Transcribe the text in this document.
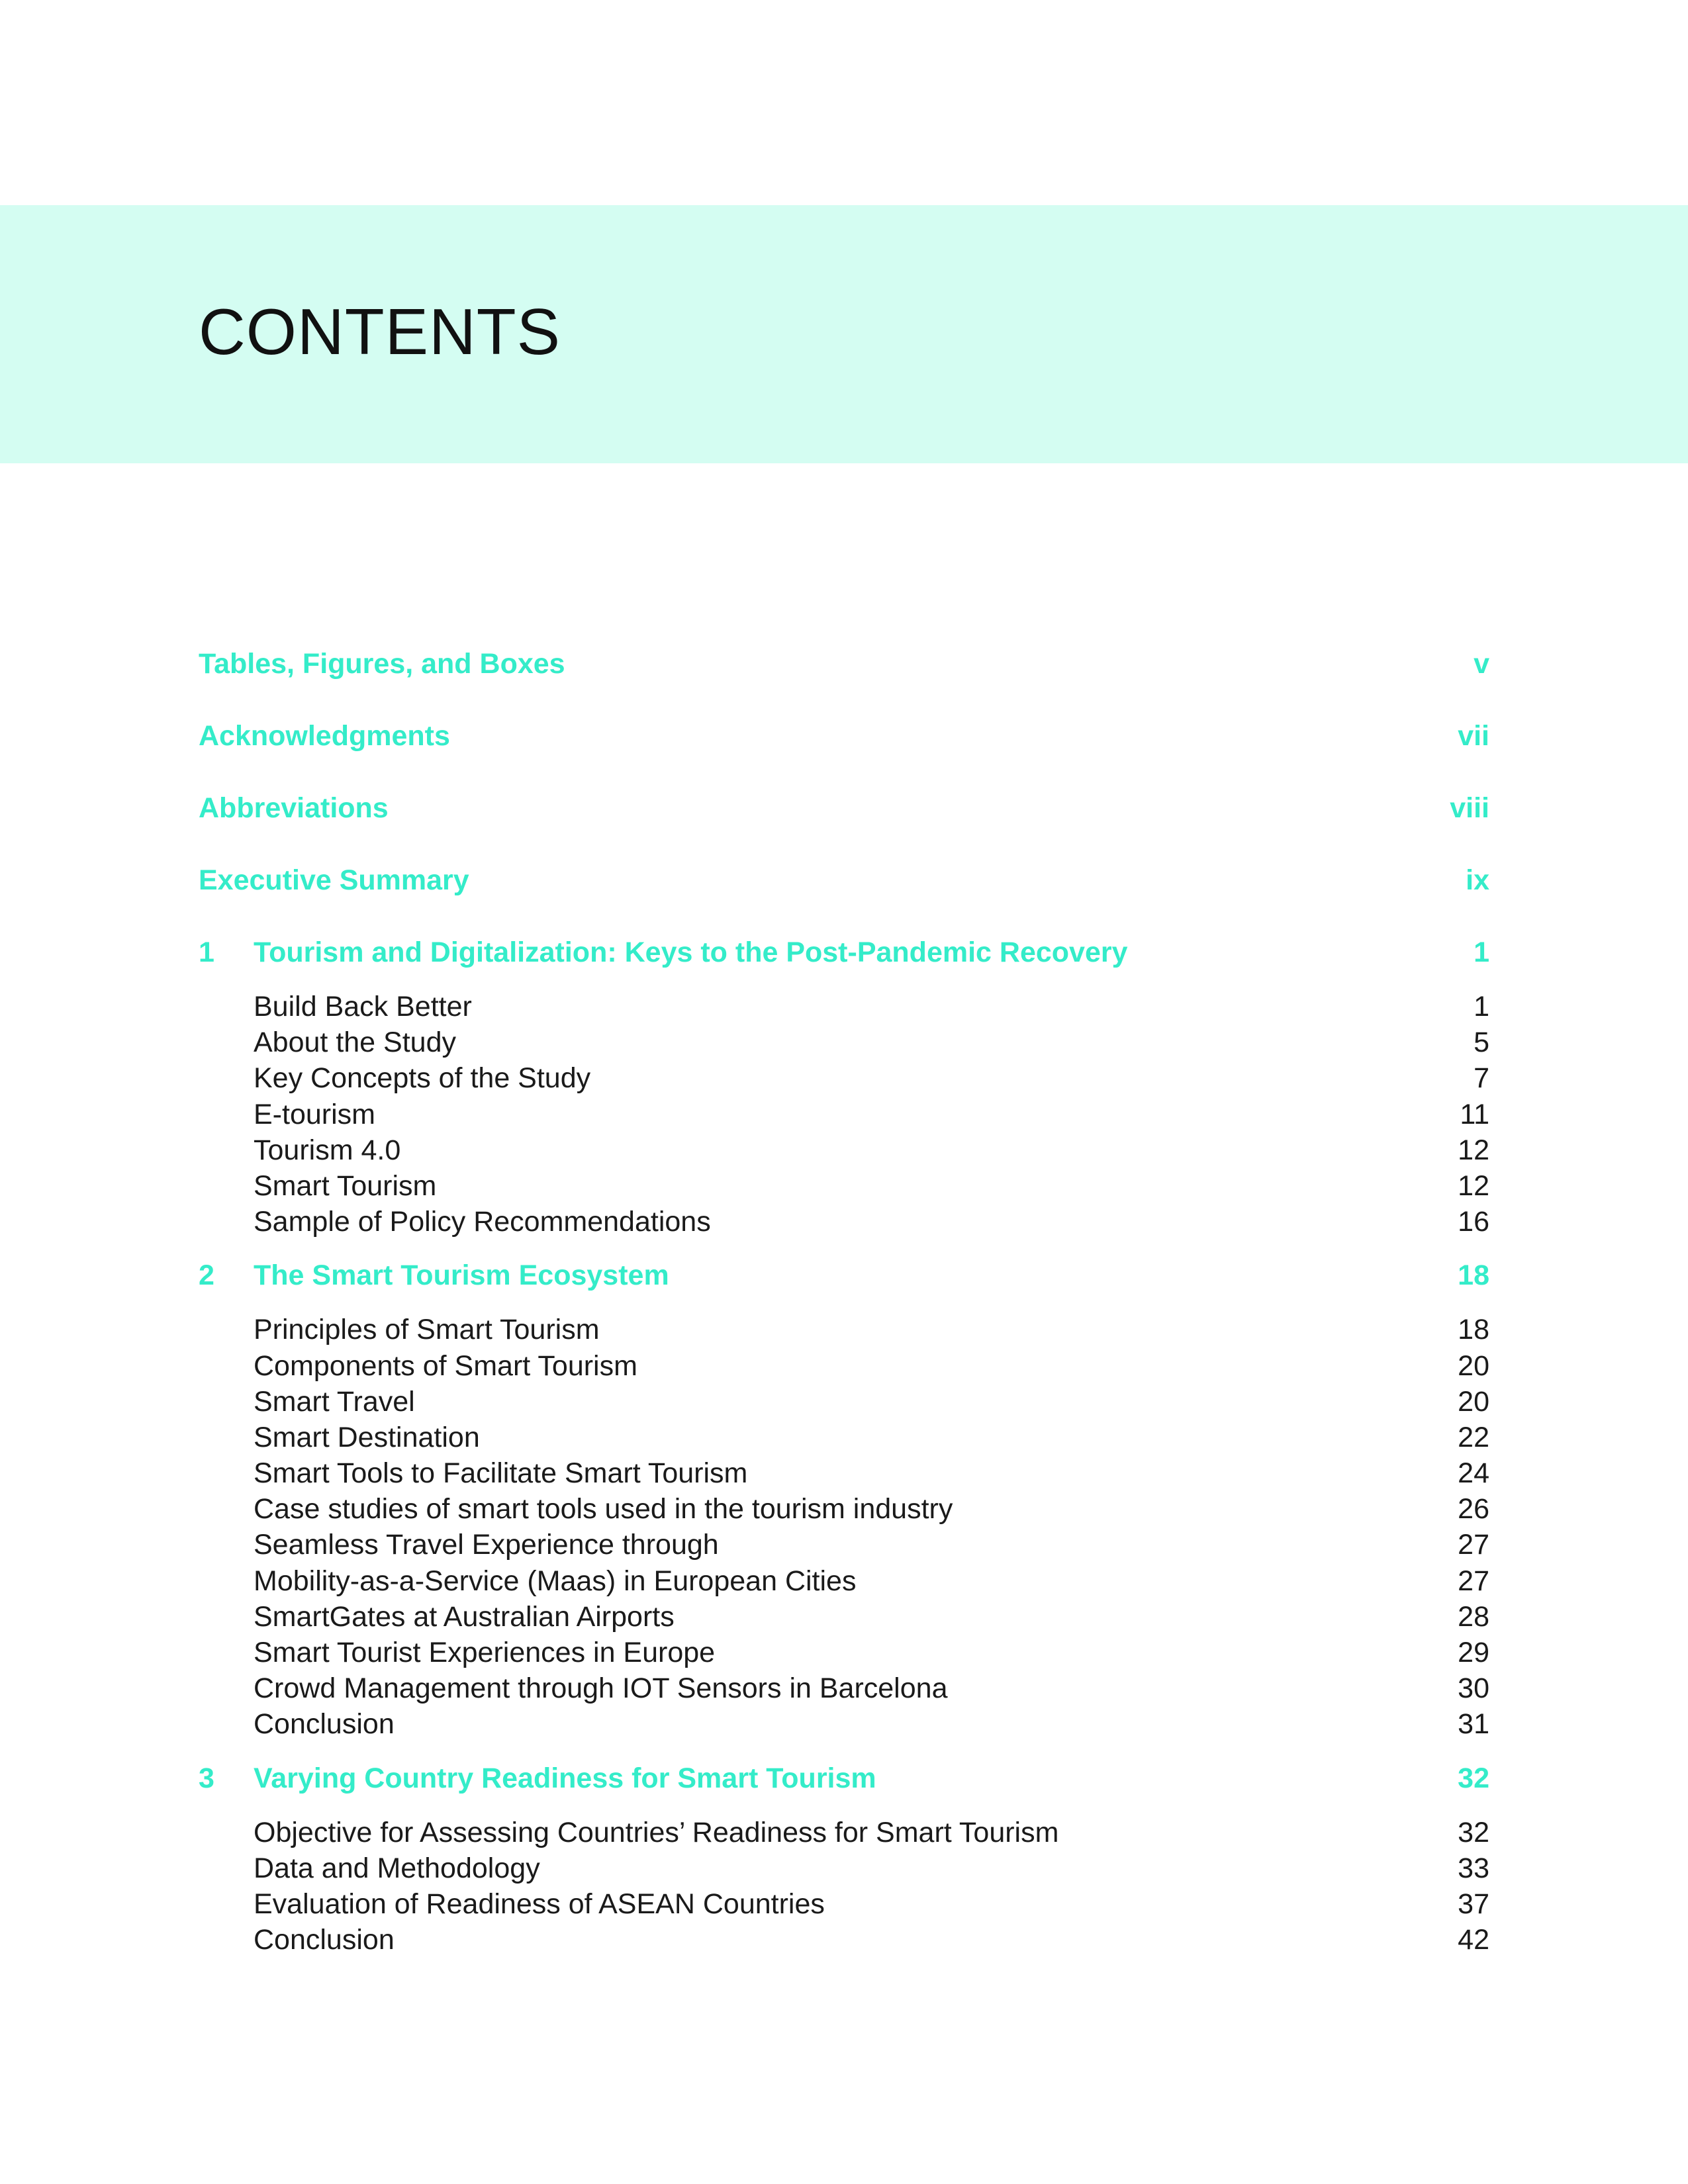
CONTENTS
Tables, Figures, and Boxes	v
Acknowledgments	vii
Abbreviations	viii
Executive Summary	ix
1	Tourism and Digitalization: Keys to the Post-Pandemic Recovery	1
Build Back Better	1
About the Study	5
Key Concepts of the Study	7
E-tourism	11
Tourism 4.0	12
Smart Tourism	12
Sample of Policy Recommendations	16
2	The Smart Tourism Ecosystem	18
Principles of Smart Tourism	18
Components of Smart Tourism	20
Smart Travel	20
Smart Destination	22
Smart Tools to Facilitate Smart Tourism	24
Case studies of smart tools used in the tourism industry	26
Seamless Travel Experience through	27
Mobility-as-a-Service (Maas) in European Cities	27
SmartGates at Australian Airports	28
Smart Tourist Experiences in Europe	29
Crowd Management through IOT Sensors in Barcelona	30
Conclusion	31
3	Varying Country Readiness for Smart Tourism	32
Objective for Assessing Countries’ Readiness for Smart Tourism	32
Data and Methodology	33
Evaluation of Readiness of ASEAN Countries	37
Conclusion	42
